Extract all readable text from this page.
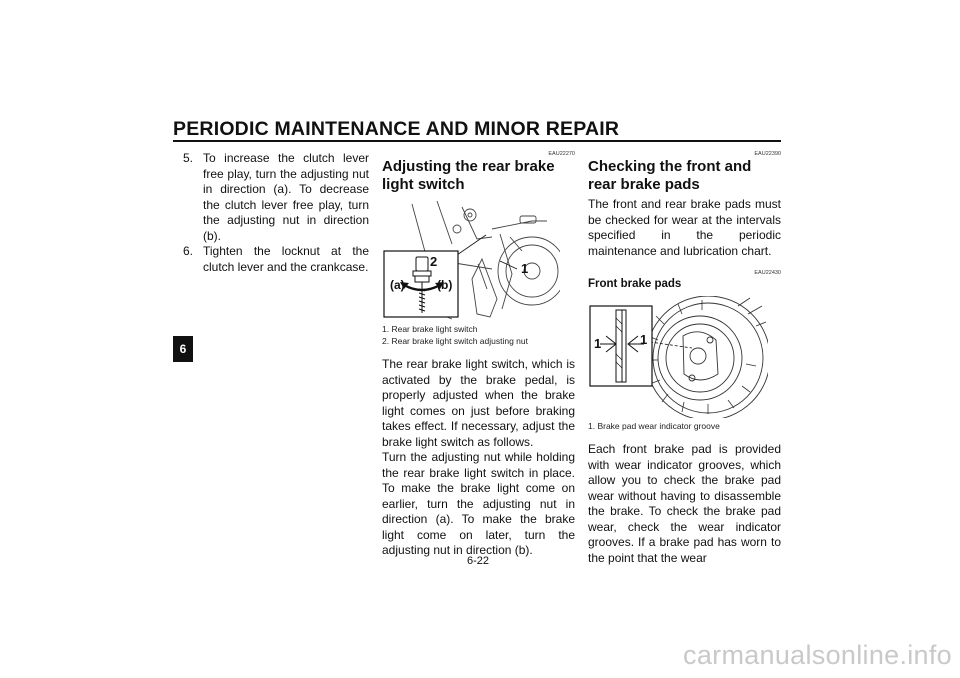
PERIODIC MAINTENANCE AND MINOR REPAIR
6
5. To increase the clutch lever free play, turn the adjusting nut in direction (a). To decrease the clutch lever free play, turn the adjusting nut in direction (b).
6. Tighten the locknut at the clutch lever and the crankcase.
EAU22270
Adjusting the rear brake light switch
2	1
(a)	(b)
1. Rear brake light switch
2. Rear brake light switch adjusting nut

The rear brake light switch, which is activated by the brake pedal, is properly adjusted when the brake light comes on just before braking takes effect. If necessary, adjust the brake light switch as follows.

Turn the adjusting nut while holding the rear brake light switch in place. To make the brake light come on earlier, turn the adjusting nut in direction (a). To make the brake light come on later, turn the adjusting nut in direction (b).

EAU22390
Checking the front and rear brake pads

The front and rear brake pads must be checked for wear at the intervals specified in the periodic maintenance and lubrication chart.

EAU22430
Front brake pads
1	1
1. Brake pad wear indicator groove

Each front brake pad is provided with wear indicator grooves, which allow you to check the brake pad wear without having to disassemble the brake. To check the brake pad wear, check the wear indicator grooves. If a brake pad has worn to the point that the wear

6-22
carmanualsonline.info
